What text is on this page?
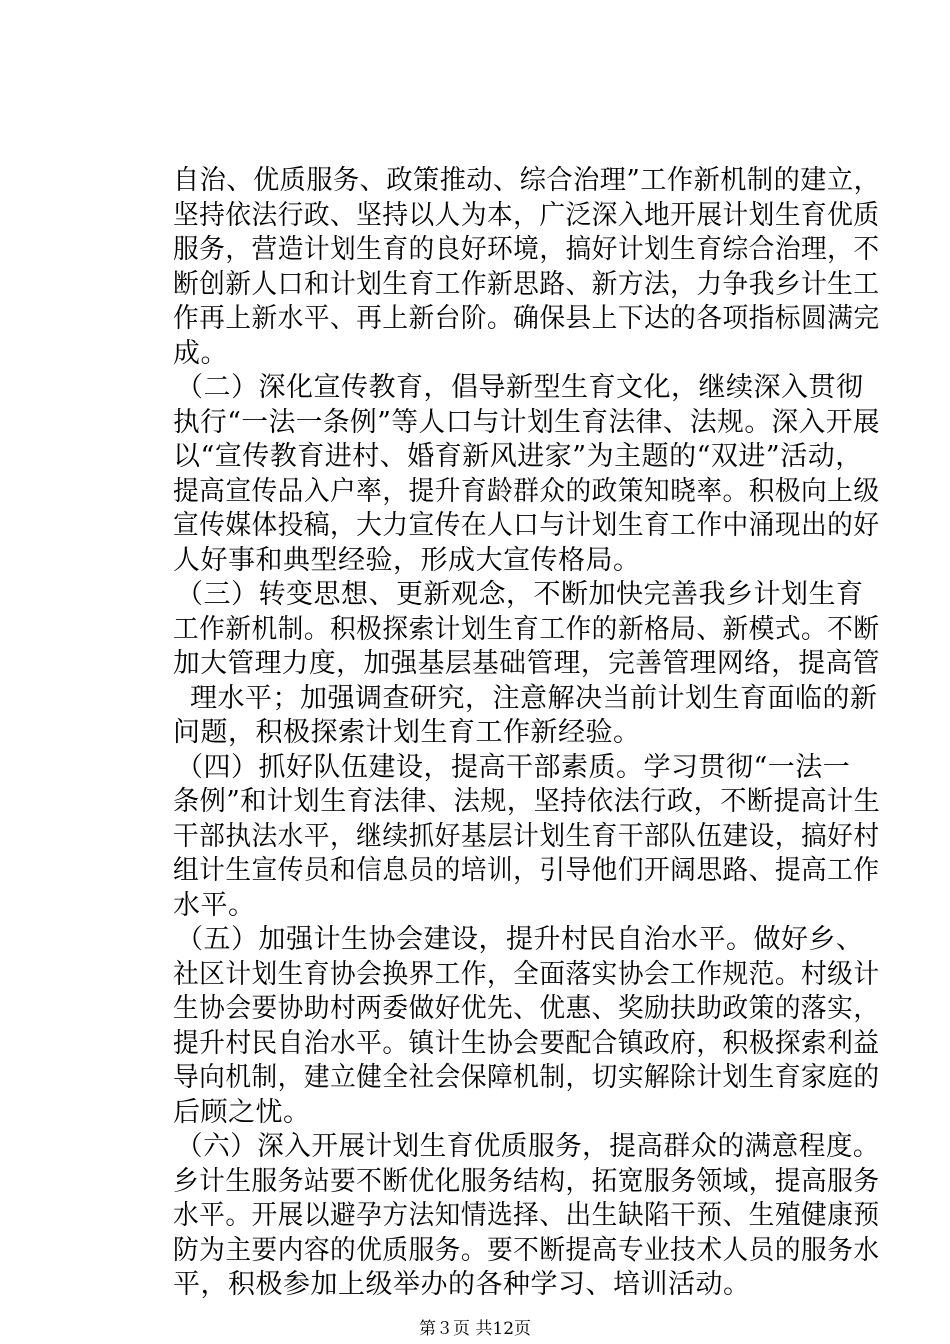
自治、优质服务、政策推动、综合治理”工作新机制的建立，
坚持依法行政、坚持以人为本，广泛深入地开展计划生育优质
服务，营造计划生育的良好环境，搞好计划生育综合治理，不
断创新人口和计划生育工作新思路、新方法，力争我乡计生工
作再上新水平、再上新台阶。确保县上下达的各项指标圆满完
成。
（二）深化宣传教育，倡导新型生育文化，继续深入贯彻
执行“一法一条例”等人口与计划生育法律、法规。深入开展
以“宣传教育进村、婚育新风进家”为主题的“双进”活动，
提高宣传品入户率，提升育龄群众的政策知晓率。积极向上级
宣传媒体投稿，大力宣传在人口与计划生育工作中涌现出的好
人好事和典型经验，形成大宣传格局。
（三）转变思想、更新观念，不断加快完善我乡计划生育
工作新机制。积极探索计划生育工作的新格局、新模式。不断
加大管理力度，加强基层基础管理，完善管理网络，提高管
理水平；加强调查研究，注意解决当前计划生育面临的新
问题，积极探索计划生育工作新经验。
（四）抓好队伍建设，提高干部素质。学习贯彻“一法一
条例”和计划生育法律、法规，坚持依法行政，不断提高计生
干部执法水平，继续抓好基层计划生育干部队伍建设，搞好村
组计生宣传员和信息员的培训，引导他们开阔思路、提高工作
水平。
（五）加强计生协会建设，提升村民自治水平。做好乡、
社区计划生育协会换界工作，全面落实协会工作规范。村级计
生协会要协助村两委做好优先、优惠、奖励扶助政策的落实，
提升村民自治水平。镇计生协会要配合镇政府，积极探索利益
导向机制，建立健全社会保障机制，切实解除计划生育家庭的
后顾之忧。
（六）深入开展计划生育优质服务，提高群众的满意程度。
乡计生服务站要不断优化服务结构，拓宽服务领域，提高服务
水平。开展以避孕方法知情选择、出生缺陷干预、生殖健康预
防为主要内容的优质服务。要不断提高专业技术人员的服务水
平，积极参加上级举办的各种学习、培训活动。
第３页 共12页
